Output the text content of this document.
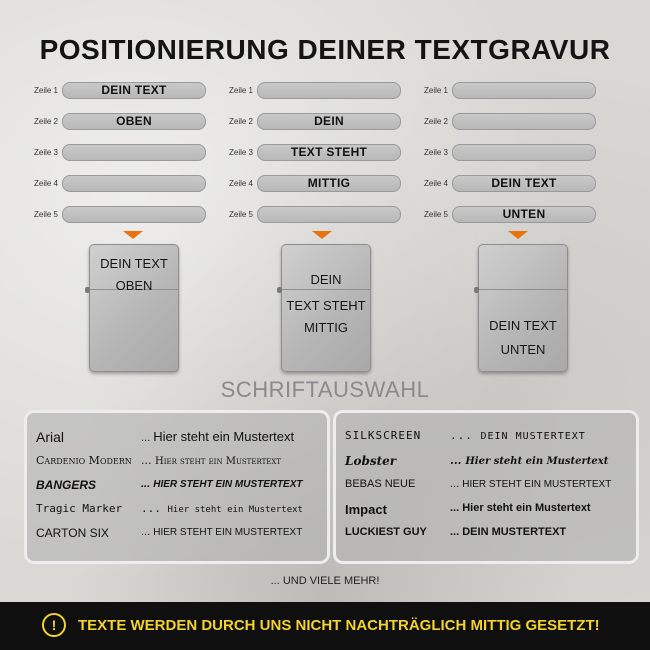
POSITIONIERUNG DEINER TEXTGRAVUR
Zeile 1	DEIN TEXT
Zeile 2	OBEN
Zeile 3
Zeile 4
Zeile 5
Zeile 1
Zeile 2	DEIN
Zeile 3	TEXT STEHT
Zeile 4	MITTIG
Zeile 5
Zeile 1
Zeile 2
Zeile 3
Zeile 4	DEIN TEXT
Zeile 5	UNTEN
DEIN TEXT
OBEN	DEIN
TEXT STEHT
MITTIG	DEIN TEXT
UNTEN
SCHRIFTAUSWAHL
Arial	... Hier steht ein Mustertext
Cardenio Modern ... Hier steht ein Mustertext
BANGERS	... HIER STEHT EIN MUSTERTEXT
Tragic Marker ... Hier steht ein Mustertext
CARTON SIX	... HIER STEHT EIN MUSTERTEXT
SILKSCREEN	... DEIN MUSTERTEXT
Lobster	... Hier steht ein Mustertext
BEBAS NEUE	... HIER STEHT EIN MUSTERTEXT
Impact	... Hier steht ein Mustertext
LUCKIEST GUY ... DEIN MUSTERTEXT
... UND VIELE MEHR!
!	TEXTE WERDEN DURCH UNS NICHT NACHTRÄGLICH MITTIG GESETZT!
